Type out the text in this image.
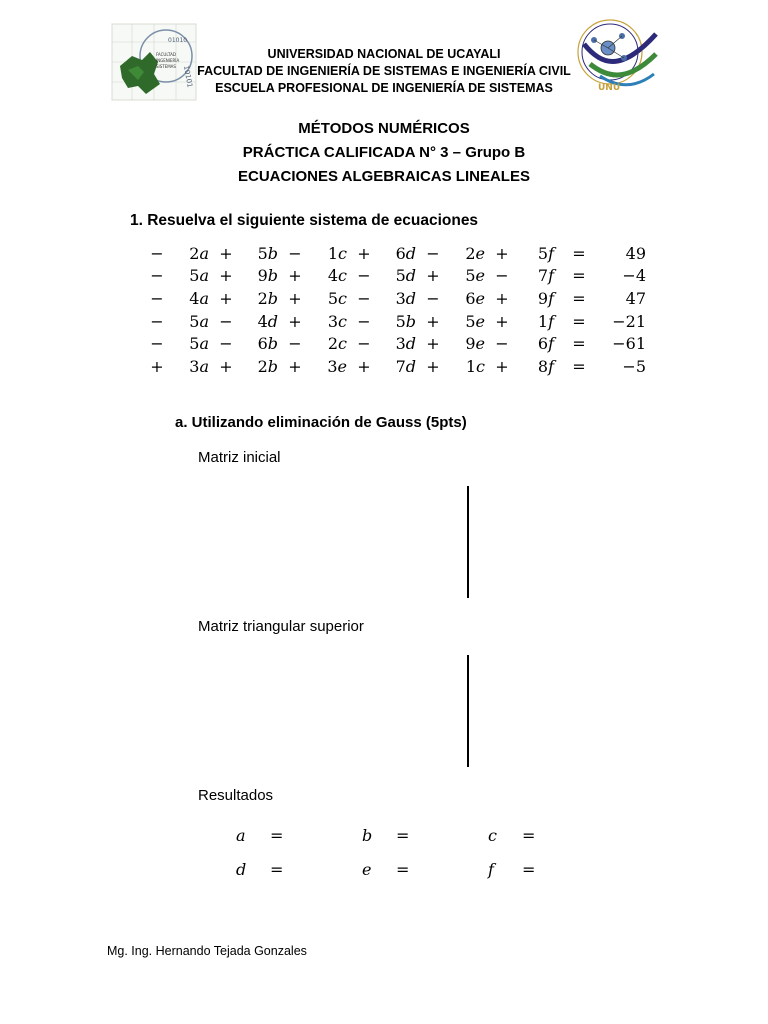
01010
FACULTAD
INGENIERÍA
SISTEMAS 10101	UNU
UNIVERSIDAD NACIONAL DE UCAYALI
FACULTAD DE INGENIERÍA DE SISTEMAS E INGENIERÍA CIVIL
ESCUELA PROFESIONAL DE INGENIERÍA DE SISTEMAS
MÉTODOS NUMÉRICOS
PRÁCTICA CALIFICADA N° 3 – Grupo B
ECUACIONES ALGEBRAICAS LINEALES
1. Resuelva el siguiente sistema de ecuaciones
−	2a	+	5b	−	1c	+	6d	−	2e	+	5f	=	49
−	5a	+	9b	+	4c	−	5d	+	5e	−	7f	=	−4
−	4a	+	2b	+	5c	−	3d	−	6e	+	9f	=	47
−	5a	−	4d	+	3c	−	5b	+	5e	+	1f	=	−21
−	5a	−	6b	−	2c	−	3d	+	9e	−	6f	=	−61
+	3a	+	2b	+	3e	+	7d	+	1c	+	8f	=	−5
a. Utilizando eliminación de Gauss (5pts)
Matriz inicial
Matriz triangular superior
Resultados
a	=	b	=	c	=
d	=	e	=	f	=
Mg. Ing. Hernando Tejada Gonzales
